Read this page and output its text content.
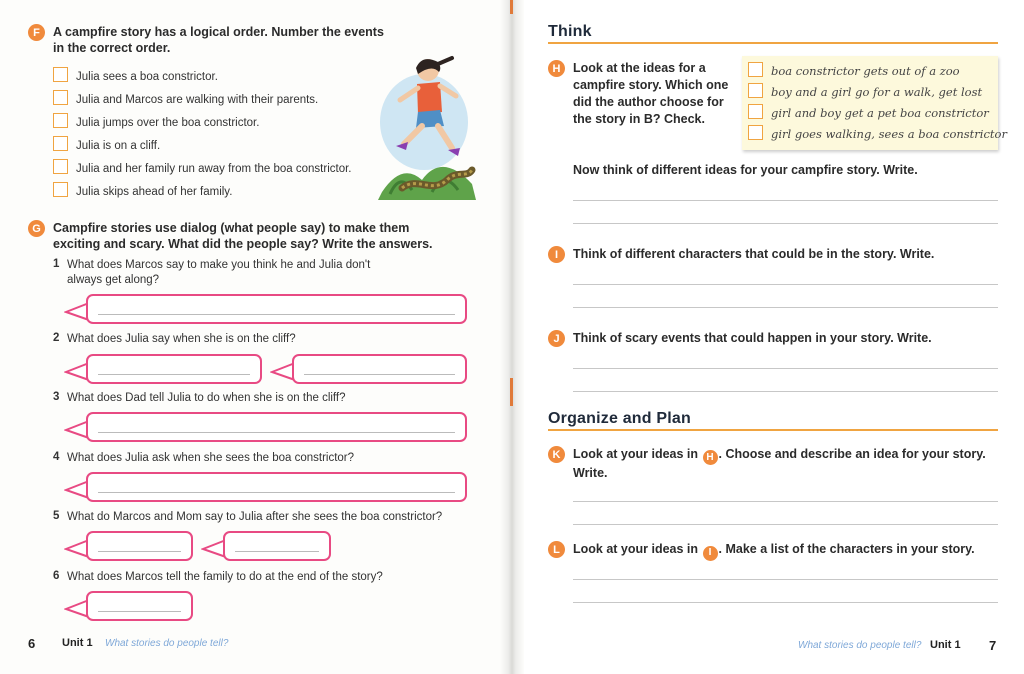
F	A campfire story has a logical order. Number the events in the correct order.
Julia sees a boa constrictor.
Julia and Marcos are walking with their parents.
Julia jumps over the boa constrictor.
Julia is on a cliff.
Julia and her family run away from the boa constrictor.
Julia skips ahead of her family.
G Campfire stories use dialog (what people say) to make them exciting and scary. What did the people say? Write the answers.
1 What does Marcos say to make you think he and Julia don't always get along?
2 What does Julia say when she is on the cliff?
3 What does Dad tell Julia to do when she is on the cliff?
4 What does Julia ask when she sees the boa constrictor?
5 What do Marcos and Mom say to Julia after she sees the boa constrictor?
6 What does Marcos tell the family to do at the end of the story?
6 Unit 1 What stories do people tell?
Think
H	Look at the ideas for a campfire story. Which one did the author choose for the story in B? Check.
boa constrictor gets out of a zoo
boy and a girl go for a walk, get lost
girl and boy get a pet boa constrictor
girl goes walking, sees a boa constrictor
Now think of different ideas for your campfire story. Write.
I	Think of different characters that could be in the story. Write.
J	Think of scary events that could happen in your story. Write.
Organize and Plan
K	Look at your ideas in H . Choose and describe an idea for your story.
Write.
L	Look at your ideas in I . Make a list of the characters in your story.
What stories do people tell? Unit 1 7
